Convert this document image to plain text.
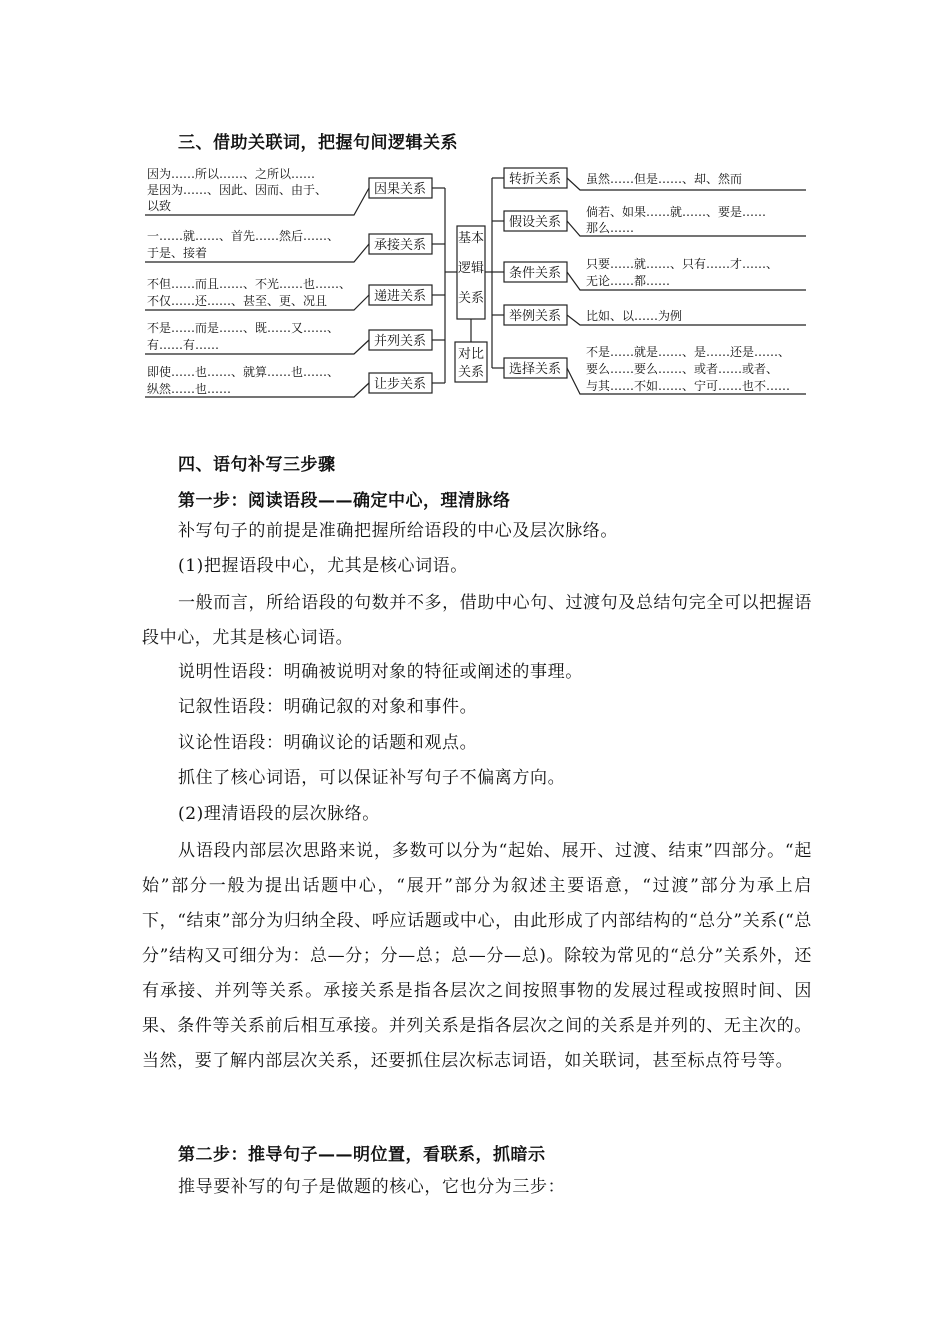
三、借助关联词，把握句间逻辑关系
基本
逻辑
关系
对比
关系
因果关系
承接关系
递进关系
并列关系
让步关系
转折关系
假设关系
条件关系
举例关系
选择关系
因为……所以……、之所以……
是因为……、因此、因而、由于、
以致
一……就……、首先……然后……、
于是、接着
不但……而且……、不光……也……、
不仅……还……、甚至、更、况且
不是……而是……、既……又……、
有……有……
即使……也……、就算……也……、
纵然……也……
虽然……但是……、却、然而
倘若、如果……就……、要是……
那么……
只要……就……、只有……才……、
无论……都……
比如、以……为例
不是……就是……、是……还是……、
要么……要么……、或者……或者、
与其……不如……、宁可……也不……
四、语句补写三步骤
第一步：阅读语段——确定中心，理清脉络
补写句子的前提是准确把握所给语段的中心及层次脉络。
(1)把握语段中心，尤其是核心词语。
一般而言，所给语段的句数并不多，借助中心句、过渡句及总结句完全可以把握语段中心，尤其是核心词语。
说明性语段：明确被说明对象的特征或阐述的事理。
记叙性语段：明确记叙的对象和事件。
议论性语段：明确议论的话题和观点。
抓住了核心词语，可以保证补写句子不偏离方向。
(2)理清语段的层次脉络。
从语段内部层次思路来说，多数可以分为“起始、展开、过渡、结束”四部分。“起始”部分一般为提出话题中心，“展开”部分为叙述主要语意，“过渡”部分为承上启下，“结束”部分为归纳全段、呼应话题或中心，由此形成了内部结构的“总分”关系(“总分”结构又可细分为：总—分；分—总；总—分—总)。除较为常见的“总分”关系外，还有承接、并列等关系。承接关系是指各层次之间按照事物的发展过程或按照时间、因果、条件等关系前后相互承接。并列关系是指各层次之间的关系是并列的、无主次的。当然，要了解内部层次关系，还要抓住层次标志词语，如关联词，甚至标点符号等。
第二步：推导句子——明位置，看联系，抓暗示
推导要补写的句子是做题的核心，它也分为三步：
